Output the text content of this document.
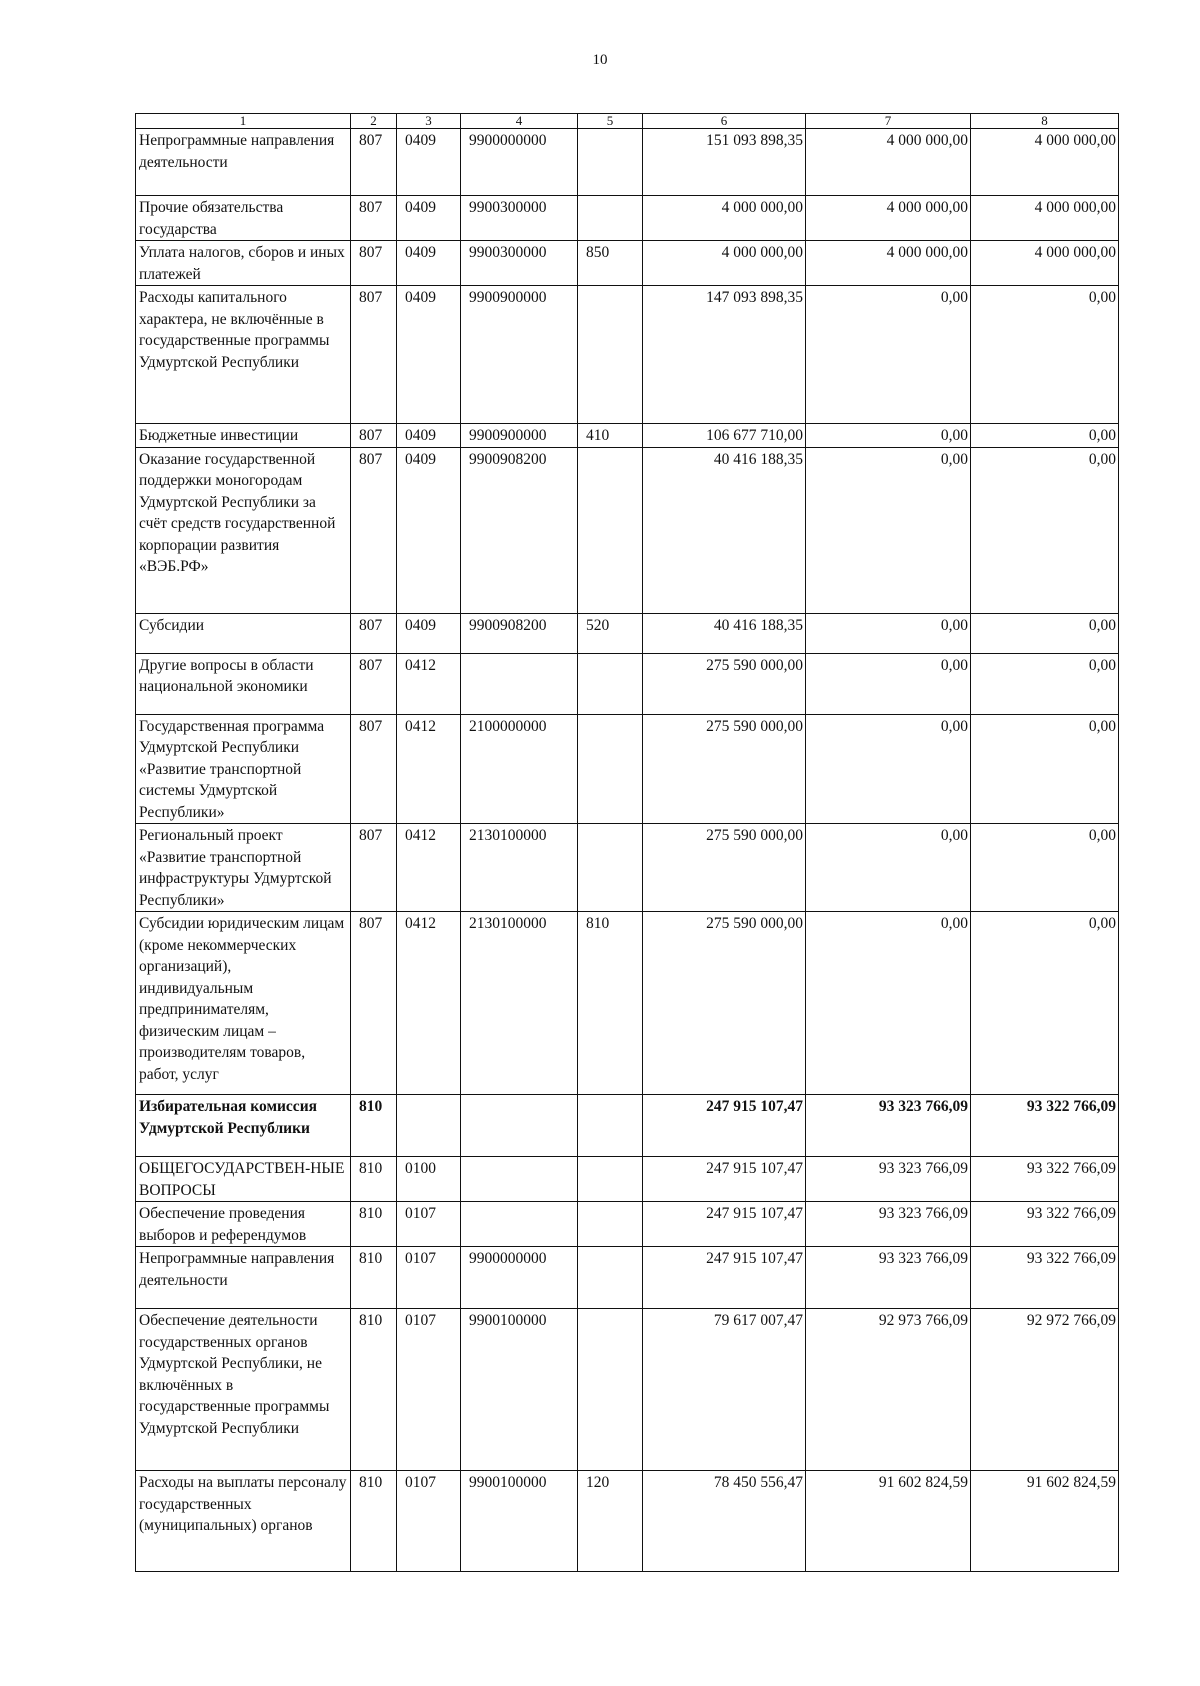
10
1	2	3	4	5	6	7	8
Непрограммные направления деятельности	807	0409	9900000000		151 093 898,35	4 000 000,00	4 000 000,00
Прочие обязательства государства	807	0409	9900300000		4 000 000,00	4 000 000,00	4 000 000,00
Уплата налогов, сборов и иных платежей	807	0409	9900300000	850	4 000 000,00	4 000 000,00	4 000 000,00
Расходы капитального характера, не включённые в государственные программы Удмуртской Республики	807	0409	9900900000		147 093 898,35	0,00	0,00
Бюджетные инвестиции	807	0409	9900900000	410	106 677 710,00	0,00	0,00
Оказание государственной поддержки моногородам Удмуртской Республики за счёт средств государственной корпорации развития «ВЭБ.РФ»	807	0409	9900908200		40 416 188,35	0,00	0,00
Субсидии	807	0409	9900908200	520	40 416 188,35	0,00	0,00
Другие вопросы в области национальной экономики	807	0412			275 590 000,00	0,00	0,00
Государственная программа Удмуртской Республики «Развитие транспортной системы Удмуртской Республики»	807	0412	2100000000		275 590 000,00	0,00	0,00
Региональный проект «Развитие транспортной инфраструктуры Удмуртской Республики»	807	0412	2130100000		275 590 000,00	0,00	0,00
Субсидии юридическим лицам (кроме некоммерческих организаций), индивидуальным предпринимателям, физическим лицам – производителям товаров, работ, услуг	807	0412	2130100000	810	275 590 000,00	0,00	0,00
Избирательная комиссия Удмуртской Республики	810				247 915 107,47	93 323 766,09	93 322 766,09
ОБЩЕГОСУДАРСТВЕН-НЫЕ ВОПРОСЫ	810	0100			247 915 107,47	93 323 766,09	93 322 766,09
Обеспечение проведения выборов и референдумов	810	0107			247 915 107,47	93 323 766,09	93 322 766,09
Непрограммные направления деятельности	810	0107	9900000000		247 915 107,47	93 323 766,09	93 322 766,09
Обеспечение деятельности государственных органов Удмуртской Республики, не включённых в государственные программы Удмуртской Республики	810	0107	9900100000		79 617 007,47	92 973 766,09	92 972 766,09
Расходы на выплаты персоналу государственных (муниципальных) органов	810	0107	9900100000	120	78 450 556,47	91 602 824,59	91 602 824,59
